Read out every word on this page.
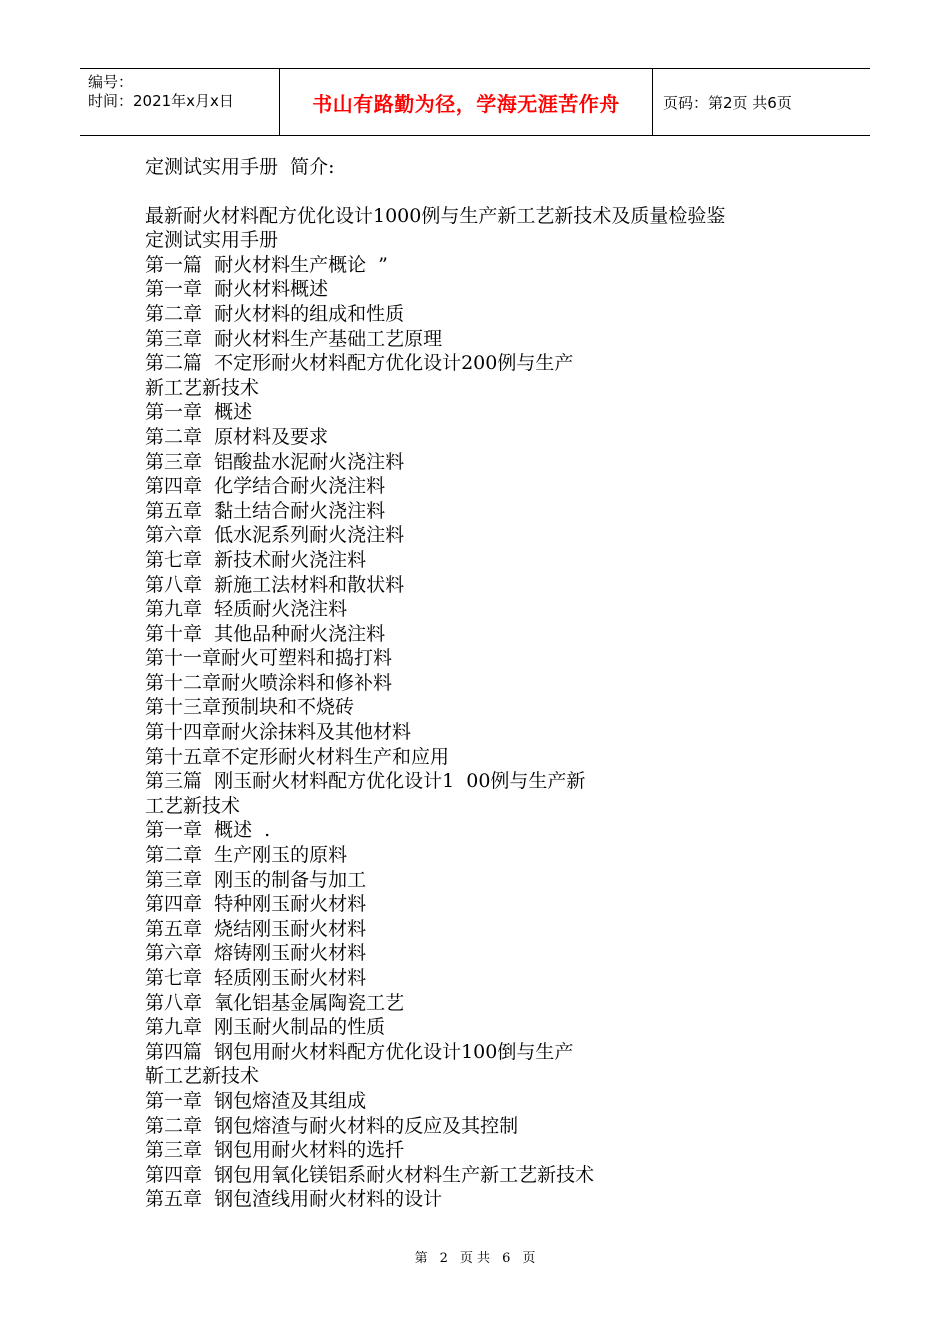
编号：
时间：2021年x月x日	书山有路勤为径，学海无涯苦作舟	页码：第2页 共6页
定测试实用手册  简介:
最新耐火材料配方优化设计1000例与生产新工艺新技术及质量检验鉴
定测试实用手册
第一篇  耐火材料生产概论  ”
第一章  耐火材料概述
第二章  耐火材料的组成和性质
第三章  耐火材料生产基础工艺原理
第二篇  不定形耐火材料配方优化设计200例与生产
新工艺新技术
第一章  概述
第二章  原材料及要求
第三章  铝酸盐水泥耐火浇注料
第四章  化学结合耐火浇注料
第五章  黏土结合耐火浇注料
第六章  低水泥系列耐火浇注料
第七章  新技术耐火浇注料
第八章  新施工法材料和散状料
第九章  轻质耐火浇注料
第十章  其他品种耐火浇注料
第十一章耐火可塑料和捣打料
第十二章耐火喷涂料和修补料
第十三章预制块和不烧砖
第十四章耐火涂抹料及其他材料
第十五章不定形耐火材料生产和应用
第三篇  刚玉耐火材料配方优化设计1  00例与生产新
工艺新技术
第一章  概述  .
第二章  生产刚玉的原料
第三章  刚玉的制备与加工
第四章  特种刚玉耐火材料
第五章  烧结刚玉耐火材料
第六章  熔铸刚玉耐火材料
第七章  轻质刚玉耐火材料
第八章  氧化铝基金属陶瓷工艺
第九章  刚玉耐火制品的性质
第四篇  钢包用耐火材料配方优化设计100倒与生产
靳工艺新技术
第一章  钢包熔渣及其组成
第二章  钢包熔渣与耐火材料的反应及其控制
第三章  钢包用耐火材料的选扦
第四章  钢包用氧化镁铝系耐火材料生产新工艺新技术
第五章  钢包渣线用耐火材料的设计
第 2 页 共 6 页
